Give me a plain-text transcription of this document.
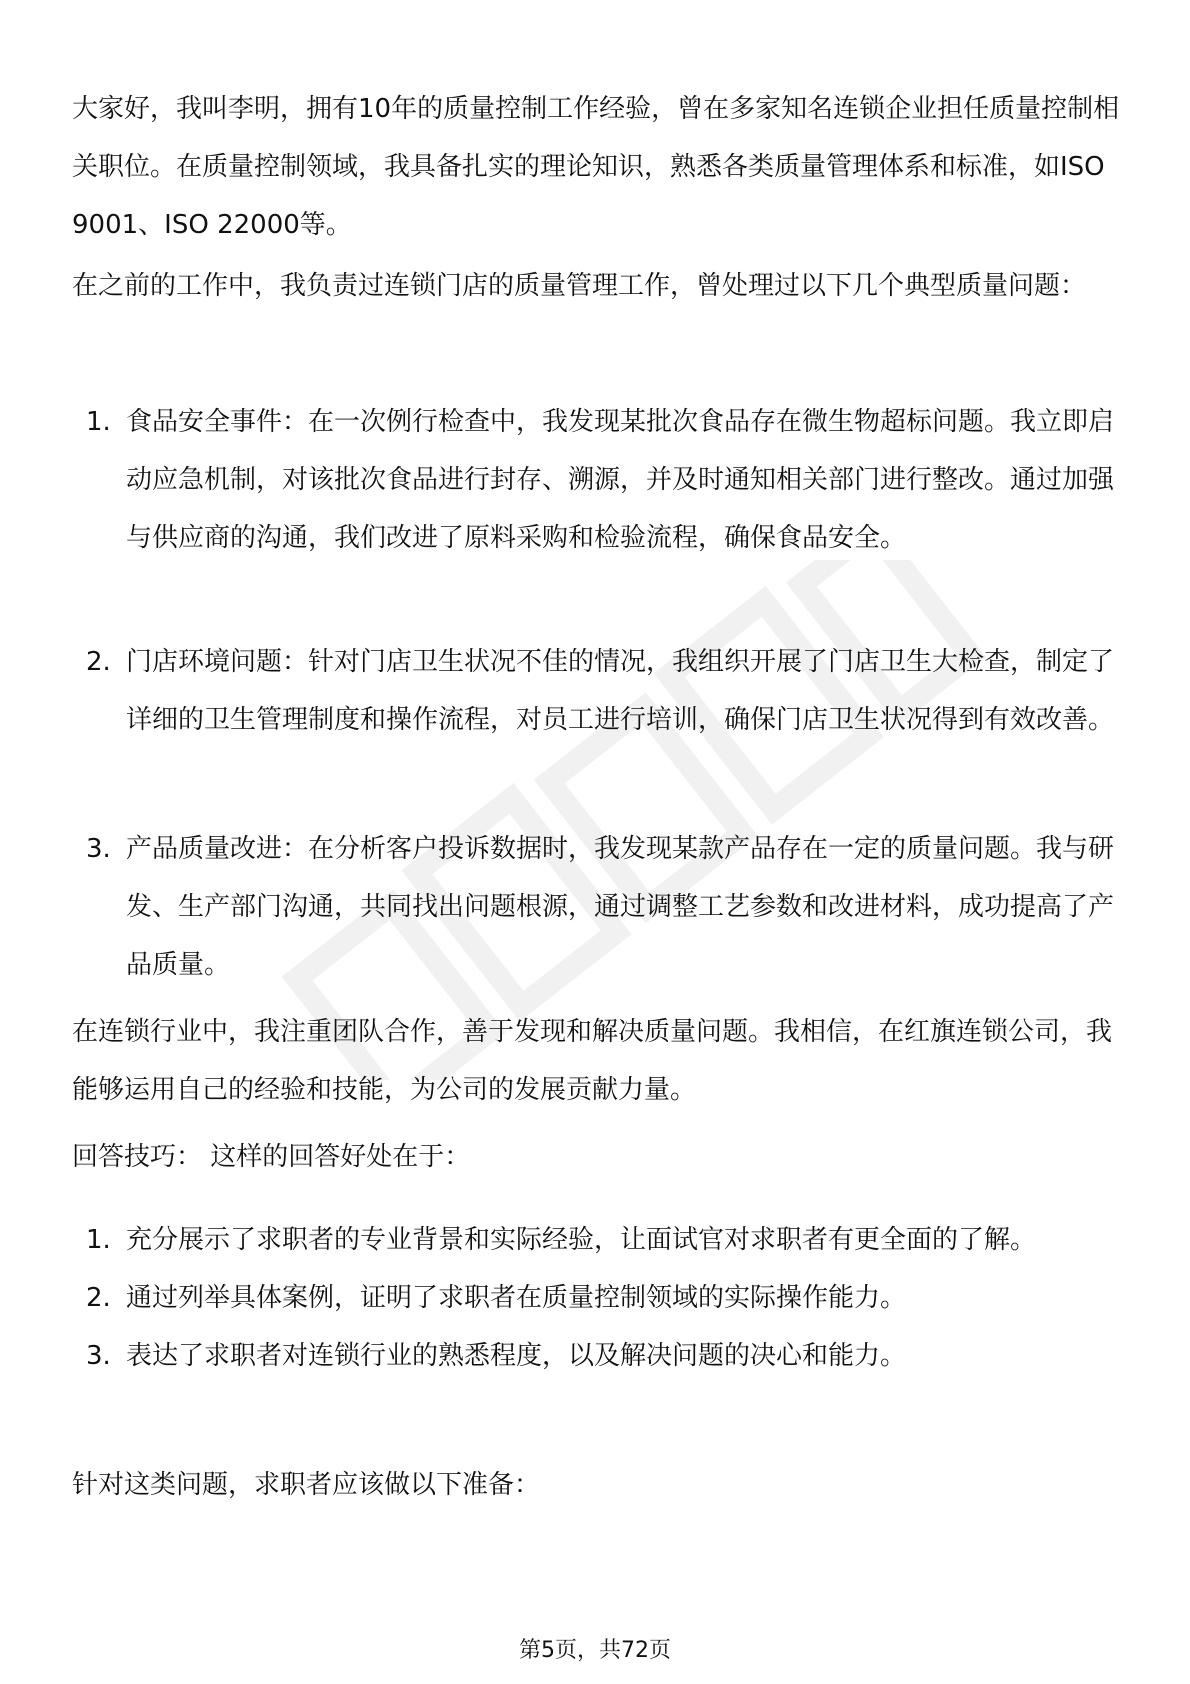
大家好，我叫李明，拥有10年的质量控制工作经验，曾在多家知名连锁企业担任质量控制相关职位。在质量控制领域，我具备扎实的理论知识，熟悉各类质量管理体系和标准，如ISO 9001、ISO 22000等。

在之前的工作中，我负责过连锁门店的质量管理工作，曾处理过以下几个典型质量问题：

1. 食品安全事件：在一次例行检查中，我发现某批次食品存在微生物超标问题。我立即启动应急机制，对该批次食品进行封存、溯源，并及时通知相关部门进行整改。通过加强与供应商的沟通，我们改进了原料采购和检验流程，确保食品安全。
2. 门店环境问题：针对门店卫生状况不佳的情况，我组织开展了门店卫生大检查，制定了详细的卫生管理制度和操作流程，对员工进行培训，确保门店卫生状况得到有效改善。
3. 产品质量改进：在分析客户投诉数据时，我发现某款产品存在一定的质量问题。我与研发、生产部门沟通，共同找出问题根源，通过调整工艺参数和改进材料，成功提高了产品质量。

在连锁行业中，我注重团队合作，善于发现和解决质量问题。我相信，在红旗连锁公司，我能够运用自己的经验和技能，为公司的发展贡献力量。

回答技巧： 这样的回答好处在于：

1. 充分展示了求职者的专业背景和实际经验，让面试官对求职者有更全面的了解。
2. 通过列举具体案例，证明了求职者在质量控制领域的实际操作能力。
3. 表达了求职者对连锁行业的熟悉程度，以及解决问题的决心和能力。

针对这类问题，求职者应该做以下准备：

第5页，共72页
